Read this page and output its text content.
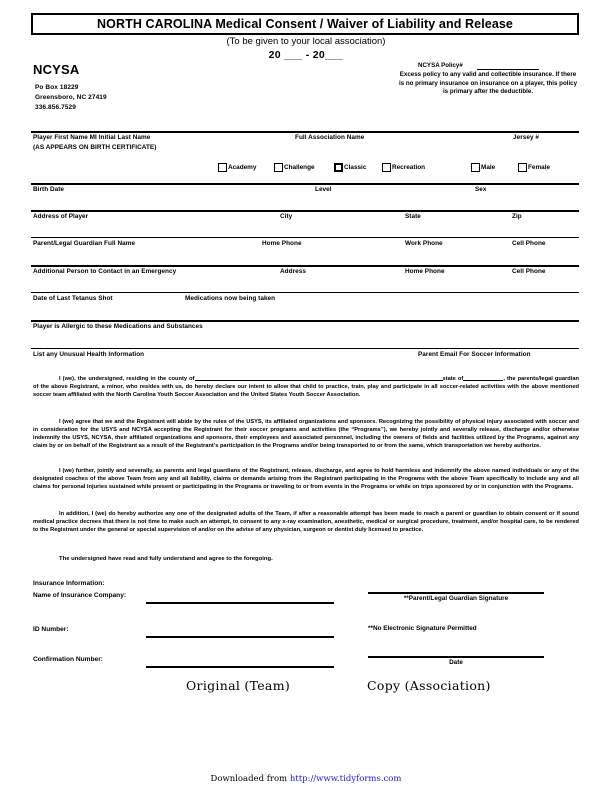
NORTH CAROLINA Medical Consent / Waiver of Liability and Release
(To be given to your local association)
20 ___ - 20___
NCYSA
Po Box 18229
Greensboro, NC 27419
336.856.7529
NCYSA Policy#
Excess policy to any valid and collectible insurance. If there is no primary insurance on insurance on a player, this policy is primary after the deductible.
Player First Name MI Initial Last Name
(AS APPEARS ON BIRTH CERTIFICATE)
Full Association Name	Jersey #
Academy	Challenge	Classic	Recreation	Male	Female
Birth Date	Level	Sex
Address of Player	City	State	Zip
Parent/Legal Guardian Full Name	Home Phone	Work Phone	Cell Phone
Additional Person to Contact in an Emergency	Address	Home Phone	Cell Phone
Date of Last Tetanus Shot	Medications now being taken
Player is Allergic to these Medications and Substances
List any Unusual Health Information	Parent Email For Soccer Information
I (we), the undersigned, residing in the county of	state of	, the parents/legal guardian of the above Registrant, a minor, who resides with us, do hereby declare our intent to allow that child to practice, train, play and participate in all soccer-related activities with the above mentioned soccer team affiliated with the North Carolina Youth Soccer Association and the United States Youth Soccer Association.
I (we) agree that we and the Registrant will abide by the rules of the USYS, its affiliated organizations and sponsors. Recognizing the possibility of physical injury associated with soccer and in consideration for the USYS and NCYSA accepting the Registrant for their soccer programs and activities (the “Programs”), we hereby jointly and severally release, discharge and/or otherwise indemnify the USYS, NCYSA, their affiliated organizations and sponsors, their employees and associated personnel, including the owners of fields and facilities utilized by the Programs, against any claim by or on behalf of the Registrant as a result of the Registrant's participation in the Programs and/or being transported to or from the same, which transportation we hereby authorize.
I (we) further, jointly and severally, as parents and legal guardians of the Registrant, release, discharge, and agree to hold harmless and indemnify the above named individuals or any of the designated coaches of the above Team from any and all liability, claims or demands arising from the Registrant participating in the Programs with the above Team specifically to include any and all claims for personal injuries sustained while present or participating in the Programs or traveling to or from events in the Programs or while on trips sponsored by or in conjunction with the Programs.
In addition, I (we) do hereby authorize any one of the designated adults of the Team, if after a reasonable attempt has been made to reach a parent or guardian to obtain consent or if sound medical practice decrees that there is not time to make such an attempt, to consent to any x-ray examination, anesthetic, medical or surgical procedure, treatment, and/or hospital care, to be rendered to the Registrant under the general or special supervision of and/or on the advise of any physician, surgeon or dentist duly licensed to practice.
The undersigned have read and fully understand and agree to the foregoing.
Insurance Information:
Name of Insurance Company:	**Parent/Legal Guardian Signature
ID Number:	**No Electronic Signature Permitted
Confirmation Number:	Date
Original (Team)	Copy (Association)
Downloaded from http://www.tidyforms.com
